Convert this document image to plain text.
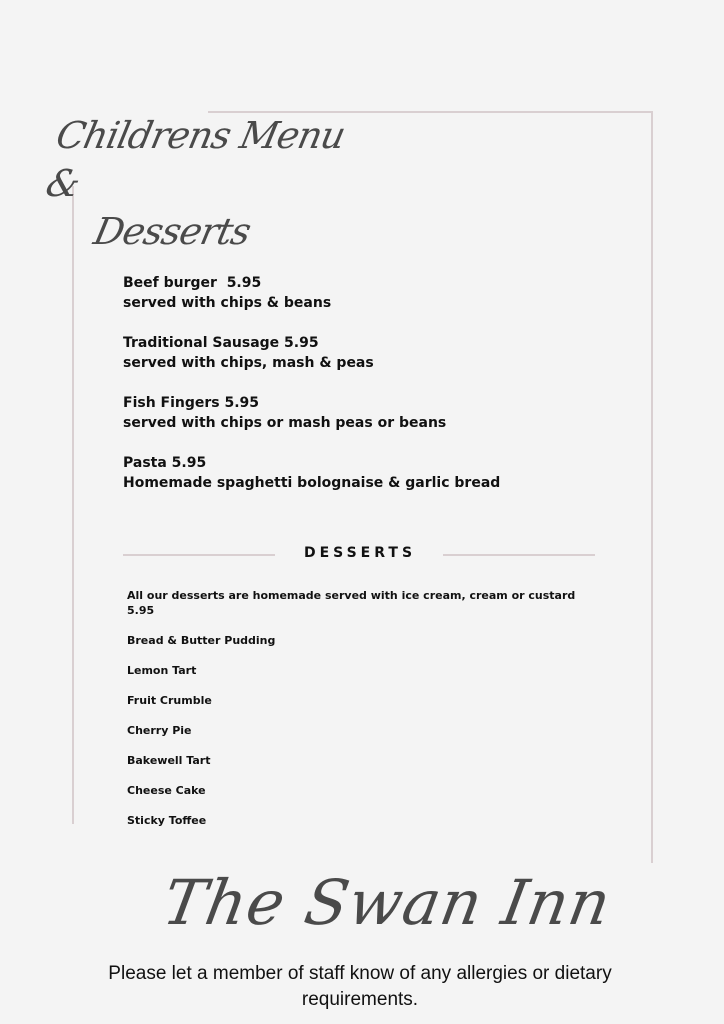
Childrens Menu &
Desserts
Beef burger  5.95
served with chips & beans
Traditional Sausage 5.95
served with chips, mash & peas
Fish Fingers 5.95
served with chips or mash peas or beans
Pasta 5.95
Homemade spaghetti bolognaise & garlic bread
DESSERTS
All our desserts are homemade served with ice cream, cream or custard
5.95
Bread & Butter Pudding
Lemon Tart
Fruit Crumble
Cherry Pie
Bakewell Tart
Cheese Cake
Sticky Toffee
The Swan Inn
Please let a member of staff know of any allergies or dietary
requirements.
